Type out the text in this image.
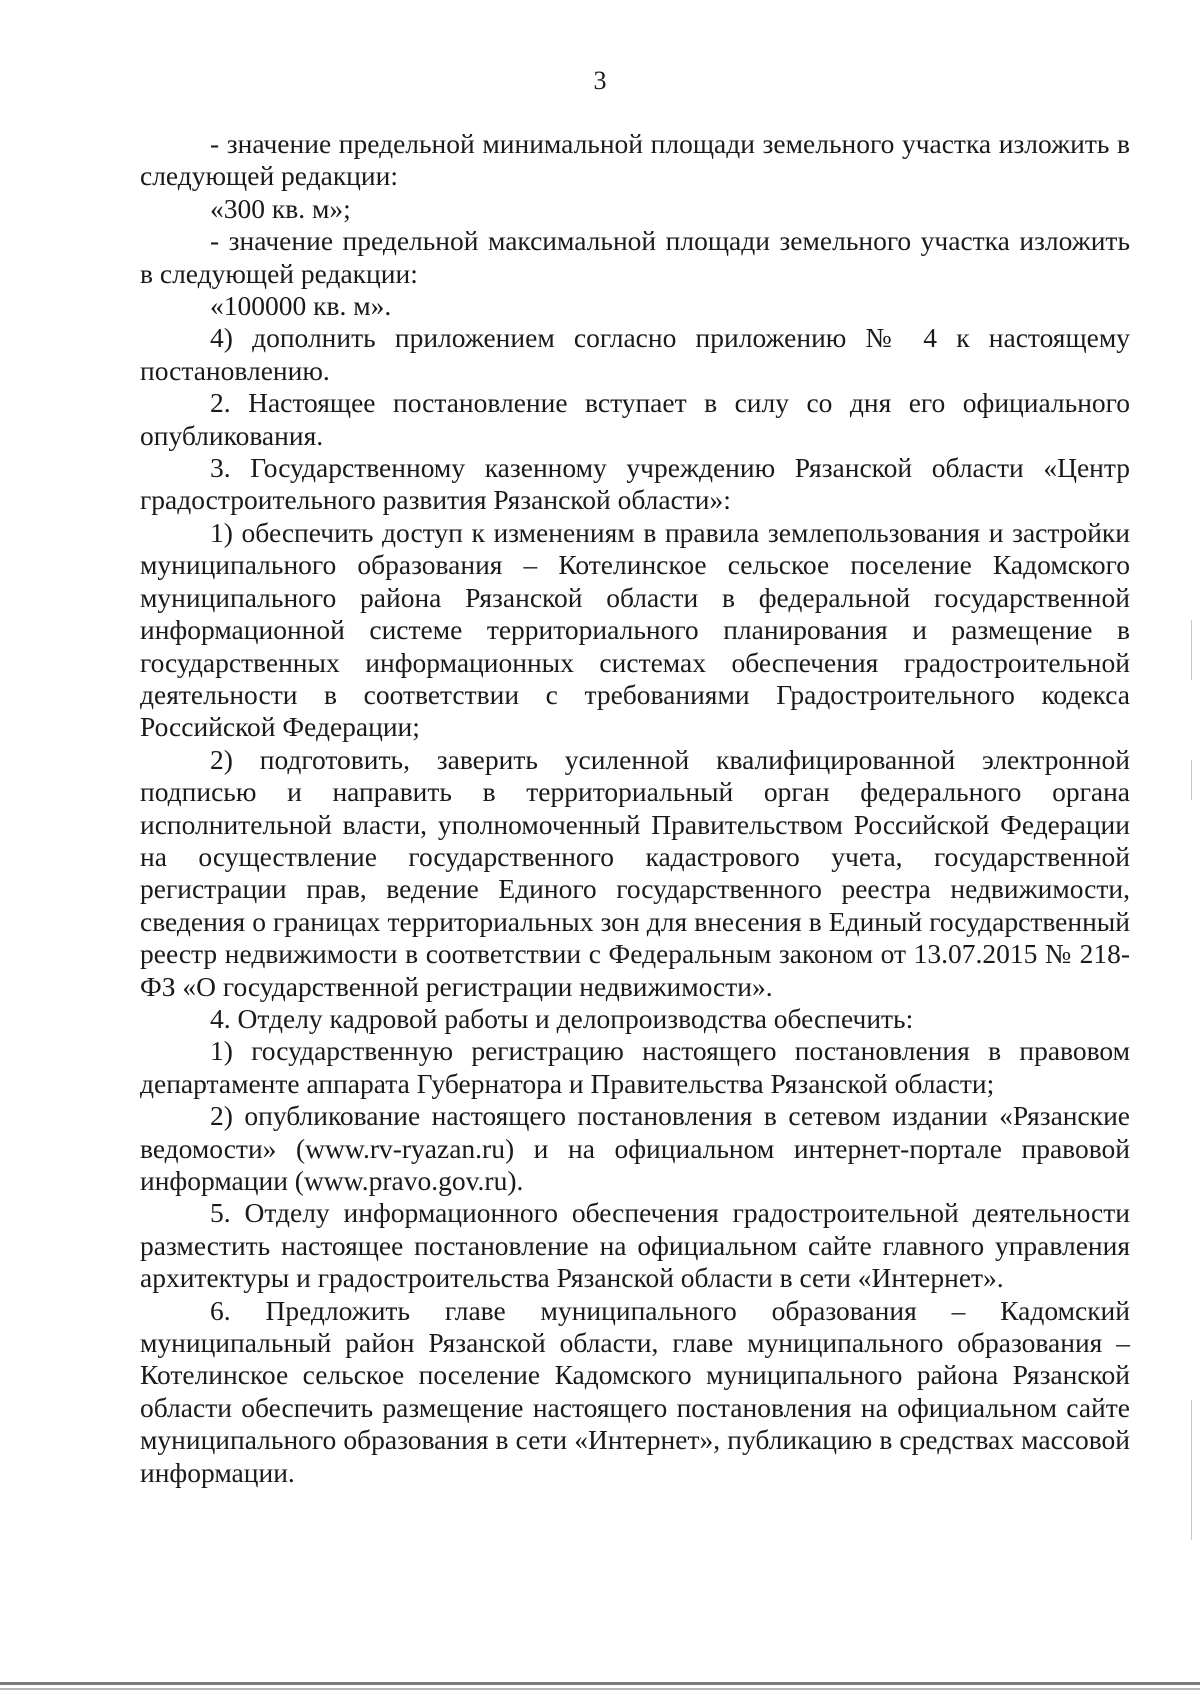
3

- значение предельной минимальной площади земельного участка изложить в следующей редакции:

«300 кв. м»;

- значение предельной максимальной площади земельного участка изложить в следующей редакции:

«100000 кв. м».

4) дополнить приложением согласно приложению № 4 к настоящему постановлению.

2. Настоящее постановление вступает в силу со дня его официального опубликования.

3. Государственному казенному учреждению Рязанской области «Центр градостроительного развития Рязанской области»:

1) обеспечить доступ к изменениям в правила землепользования и застройки муниципального образования – Котелинское сельское поселение Кадомского муниципального района Рязанской области в федеральной государственной информационной системе территориального планирования и размещение в государственных информационных системах обеспечения градостроительной деятельности в соответствии с требованиями Градостроительного кодекса Российской Федерации;

2) подготовить, заверить усиленной квалифицированной электронной подписью и направить в территориальный орган федерального органа исполнительной власти, уполномоченный Правительством Российской Федерации на осуществление государственного кадастрового учета, государственной регистрации прав, ведение Единого государственного реестра недвижимости, сведения о границах территориальных зон для внесения в Единый государственный реестр недвижимости в соответствии с Федеральным законом от 13.07.2015 № 218-ФЗ «О государственной регистрации недвижимости».

4. Отделу кадровой работы и делопроизводства обеспечить:

1) государственную регистрацию настоящего постановления в правовом департаменте аппарата Губернатора и Правительства Рязанской области;

2) опубликование настоящего постановления в сетевом издании «Рязанские ведомости» (www.rv-ryazan.ru) и на официальном интернет-портале правовой информации (www.pravo.gov.ru).

5. Отделу информационного обеспечения градостроительной деятельности разместить настоящее постановление на официальном сайте главного управления архитектуры и градостроительства Рязанской области в сети «Интернет».

6. Предложить главе муниципального образования – Кадомский муниципальный район Рязанской области, главе муниципального образования – Котелинское сельское поселение Кадомского муниципального района Рязанской области обеспечить размещение настоящего постановления на официальном сайте муниципального образования в сети «Интернет», публикацию в средствах массовой информации.
